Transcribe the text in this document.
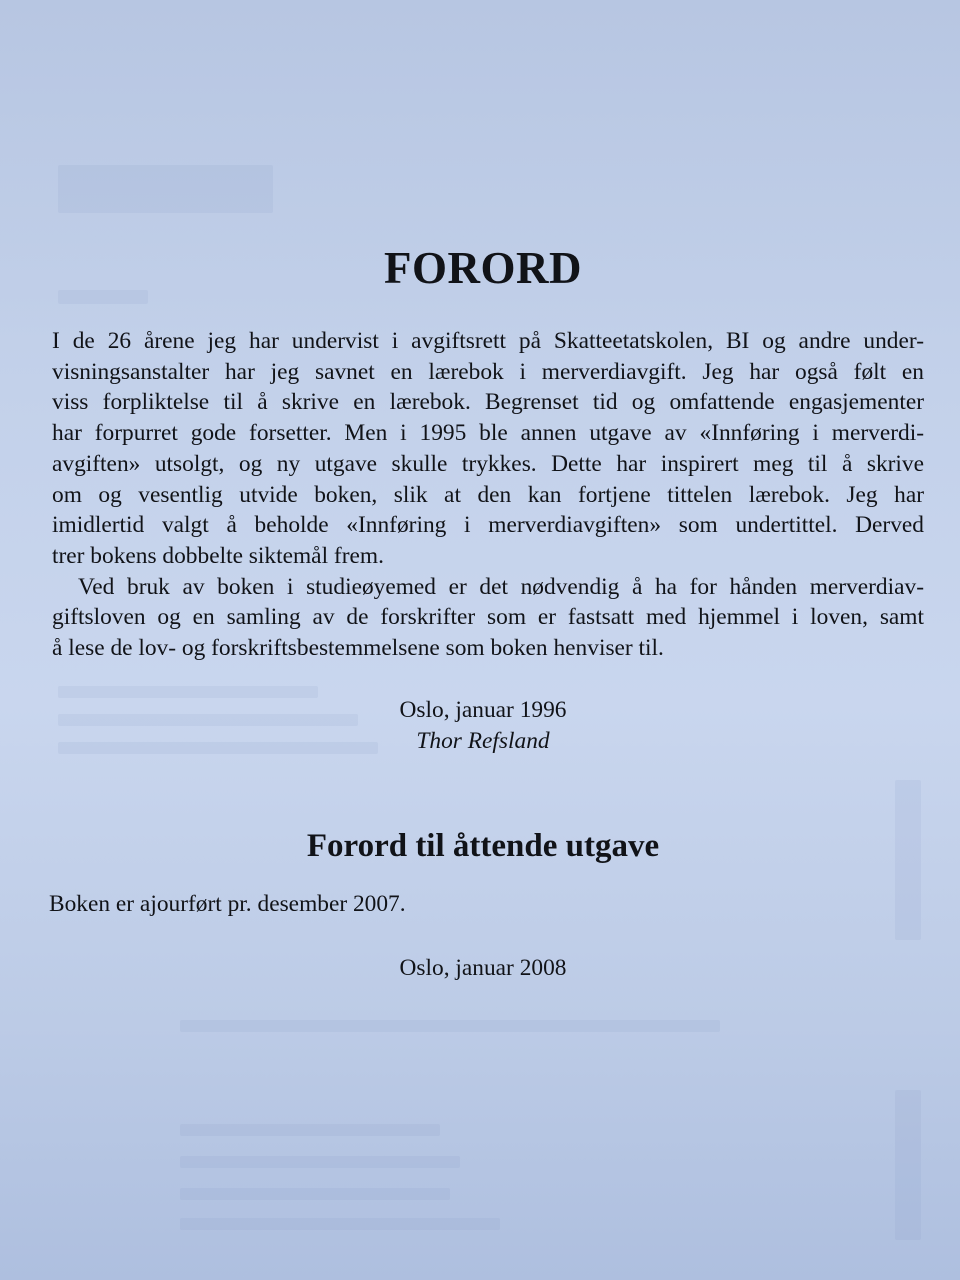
FORORD

I de 26 årene jeg har undervist i avgiftsrett på Skatteetatskolen, BI og andre under-
visningsanstalter har jeg savnet en lærebok i merverdiavgift. Jeg har også følt en
viss forpliktelse til å skrive en lærebok. Begrenset tid og omfattende engasjementer
har forpurret gode forsetter. Men i 1995 ble annen utgave av «Innføring i merverdi-
avgiften» utsolgt, og ny utgave skulle trykkes. Dette har inspirert meg til å skrive
om og vesentlig utvide boken, slik at den kan fortjene tittelen lærebok. Jeg har
imidlertid valgt å beholde «Innføring i merverdiavgiften» som undertittel. Derved
trer bokens dobbelte siktemål frem.
Ved bruk av boken i studieøyemed er det nødvendig å ha for hånden merverdiav-
giftsloven og en samling av de forskrifter som er fastsatt med hjemmel i loven, samt
å lese de lov- og forskriftsbestemmelsene som boken henviser til.

Oslo, januar 1996
Thor Refsland
Forord til åttende utgave
Boken er ajourført pr. desember 2007.
Oslo, januar 2008
